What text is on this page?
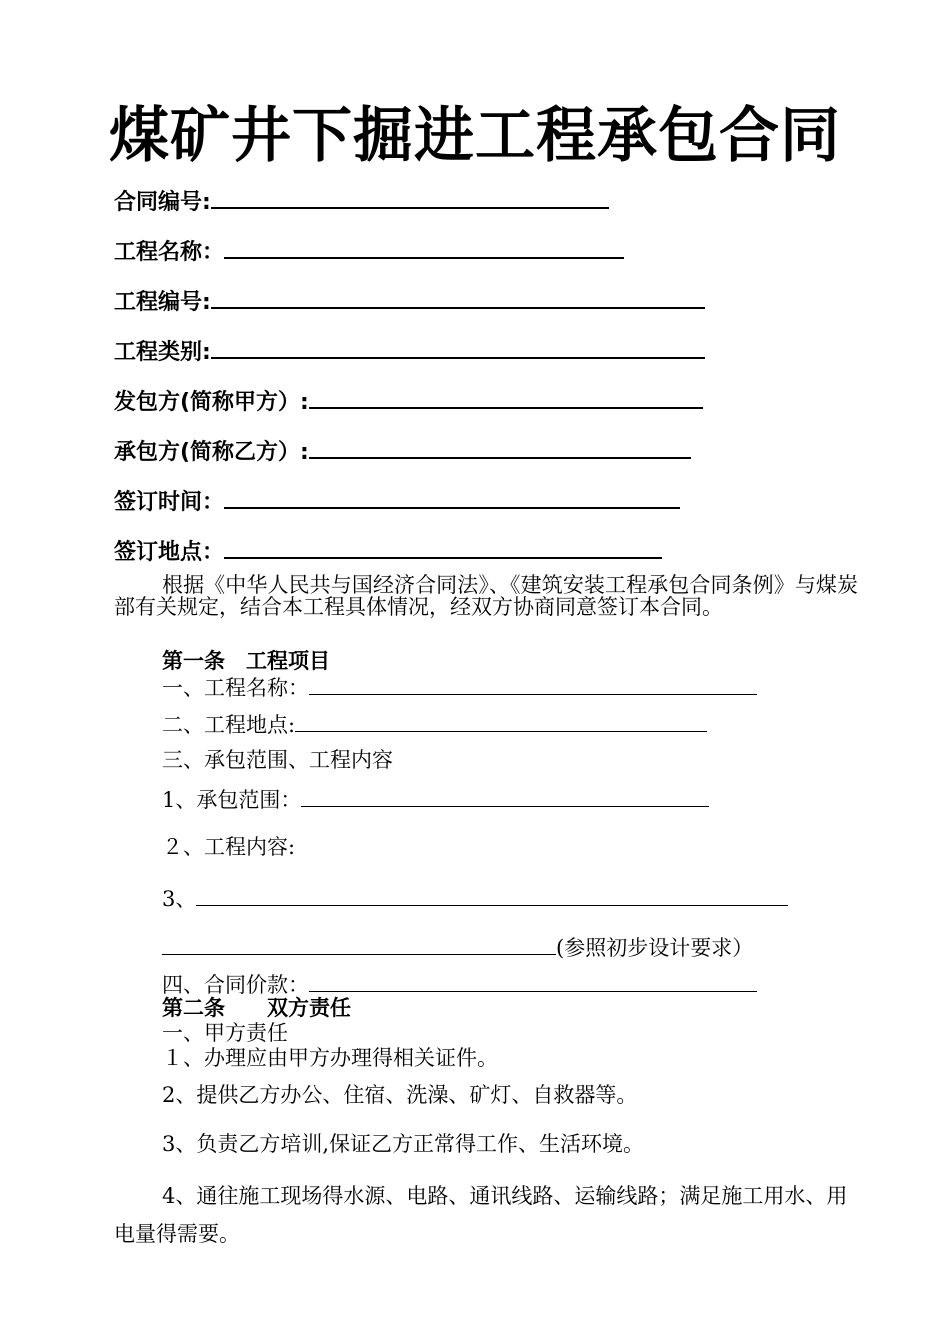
煤矿井下掘进工程承包合同
合同编号:
工程名称：
工程编号:
工程类别:
发包方(简称甲方）:
承包方(简称乙方）:
签订时间：
签订地点：
根据《中华人民共与国经济合同法》、《建筑安装工程承包合同条例》与煤炭部有关规定，结合本工程具体情况，经双方协商同意签订本合同。
第一条　工程项目
一、工程名称：
二、工程地点:
三、承包范围、工程内容
1、承包范围：
２、工程内容:
3、
(参照初步设计要求）
四、合同价款：
第二条　　双方责任
一、甲方责任
１、办理应由甲方办理得相关证件。
2、提供乙方办公、住宿、洗澡、矿灯、自救器等。
3、负责乙方培训,保证乙方正常得工作、生活环境。
4、通往施工现场得水源、电路、通讯线路、运输线路；满足施工用水、用电量得需要。
